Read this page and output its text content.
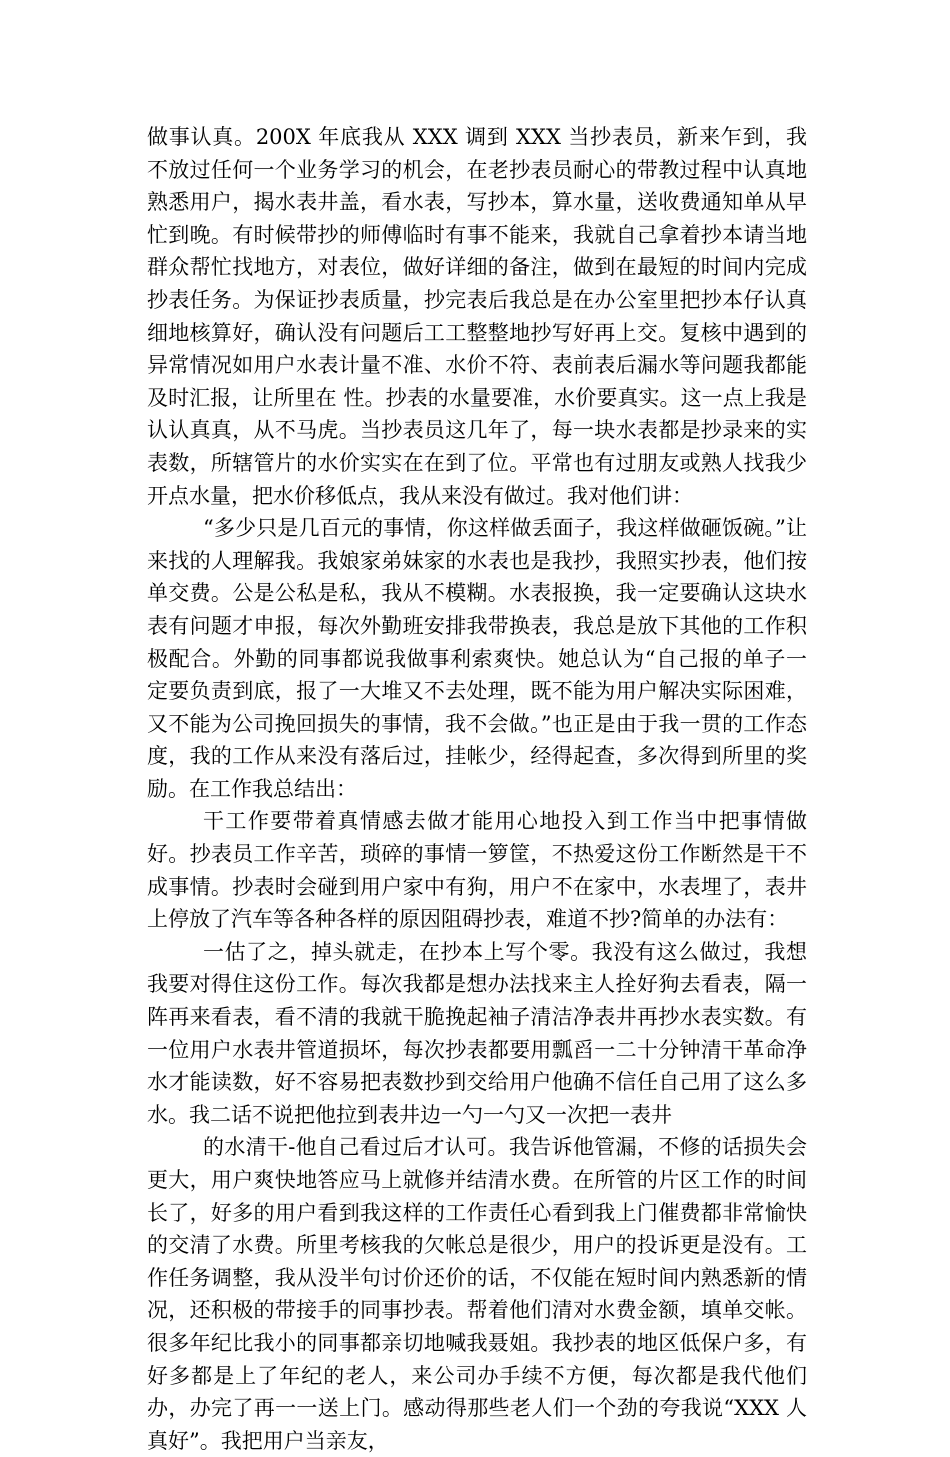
做事认真。200X 年底我从 XXX 调到 XXX 当抄表员，新来乍到，我不放过任何一个业务学习的机会，在老抄表员耐心的带教过程中认真地熟悉用户，揭水表井盖，看水表，写抄本，算水量，送收费通知单从早忙到晚。有时候带抄的师傅临时有事不能来，我就自己拿着抄本请当地群众帮忙找地方，对表位，做好详细的备注，做到在最短的时间内完成抄表任务。为保证抄表质量，抄完表后我总是在办公室里把抄本仔认真细地核算好，确认没有问题后工工整整地抄写好再上交。复核中遇到的异常情况如用户水表计量不准、水价不符、表前表后漏水等问题我都能及时汇报，让所里在 性。抄表的水量要准，水价要真实。这一点上我是认认真真，从不马虎。当抄表员这几年了，每一块水表都是抄录来的实表数，所辖管片的水价实实在在到了位。平常也有过朋友或熟人找我少开点水量，把水价移低点，我从来没有做过。我对他们讲：

“多少只是几百元的事情，你这样做丢面子，我这样做砸饭碗。”让来找的人理解我。我娘家弟妹家的水表也是我抄，我照实抄表，他们按单交费。公是公私是私，我从不模糊。水表报换，我一定要确认这块水表有问题才申报，每次外勤班安排我带换表，我总是放下其他的工作积极配合。外勤的同事都说我做事利索爽快。她总认为“自己报的单子一定要负责到底，报了一大堆又不去处理，既不能为用户解决实际困难，又不能为公司挽回损失的事情，我不会做。”也正是由于我一贯的工作态度，我的工作从来没有落后过，挂帐少，经得起查，多次得到所里的奖励。在工作我总结出：

干工作要带着真情感去做才能用心地投入到工作当中把事情做好。抄表员工作辛苦，琐碎的事情一箩筐，不热爱这份工作断然是干不成事情。抄表时会碰到用户家中有狗，用户不在家中，水表埋了，表井上停放了汽车等各种各样的原因阻碍抄表，难道不抄?简单的办法有：

一估了之，掉头就走，在抄本上写个零。我没有这么做过，我想我要对得住这份工作。每次我都是想办法找来主人拴好狗去看表，隔一阵再来看表，看不清的我就干脆挽起袖子清洁净表井再抄水表实数。有一位用户水表井管道损坏，每次抄表都要用瓢舀一二十分钟清干革命净水才能读数，好不容易把表数抄到交给用户他确不信任自己用了这么多水。我二话不说把他拉到表井边一勺一勺又一次把一表井

的水清干-他自己看过后才认可。我告诉他管漏，不修的话损失会更大，用户爽快地答应马上就修并结清水费。在所管的片区工作的时间长了，好多的用户看到我这样的工作责任心看到我上门催费都非常愉快的交清了水费。所里考核我的欠帐总是很少，用户的投诉更是没有。工作任务调整，我从没半句讨价还价的话，不仅能在短时间内熟悉新的情况，还积极的带接手的同事抄表。帮着他们清对水费金额，填单交帐。很多年纪比我小的同事都亲切地喊我聂姐。我抄表的地区低保户多，有好多都是上了年纪的老人，来公司办手续不方便，每次都是我代他们办，办完了再一一送上门。感动得那些老人们一个劲的夸我说“XXX 人真好”。我把用户当亲友，
